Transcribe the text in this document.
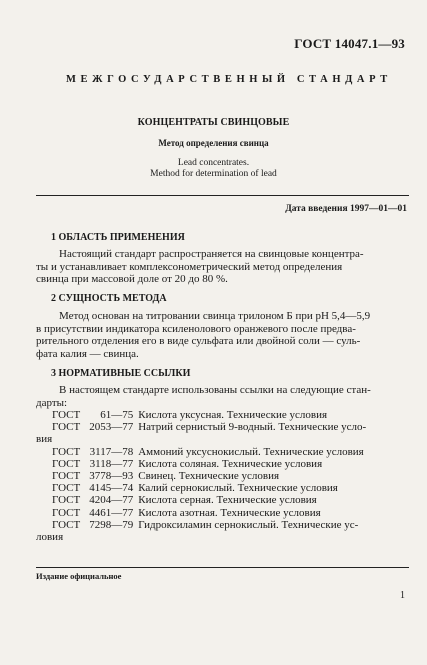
ГОСТ 14047.1—93
МЕЖГОСУДАРСТВЕННЫЙ СТАНДАРТ
КОНЦЕНТРАТЫ СВИНЦОВЫЕ
Метод определения свинца
Lead concentrates.
Method for determination of lead
Дата введения 1997—01—01
1 ОБЛАСТЬ ПРИМЕНЕНИЯ
Настоящий стандарт распространяется на свинцовые концентра-
ты и устанавливает комплексонометрический метод определения
свинца при массовой доле от 20 до 80 %.
2 СУЩНОСТЬ МЕТОДА
Метод основан на титровании свинца трилоном Б при pH 5,4—5,9
в присутствии индикатора ксиленолового оранжевого после предва-
рительного отделения его в виде сульфата или двойной соли — суль-
фата калия — свинца.
3 НОРМАТИВНЫЕ ССЫЛКИ
В настоящем стандарте использованы ссылки на следующие стан-
дарты:
ГОСТ 61—75 Кислота уксусная. Технические условия
ГОСТ 2053—77 Натрий сернистый 9-водный. Технические усло-
вия
ГОСТ 3117—78 Аммоний уксуснокислый. Технические условия
ГОСТ 3118—77 Кислота соляная. Технические условия
ГОСТ 3778—93 Свинец. Технические условия
ГОСТ 4145—74 Калий сернокислый. Технические условия
ГОСТ 4204—77 Кислота серная. Технические условия
ГОСТ 4461—77 Кислота азотная. Технические условия
ГОСТ 7298—79 Гидроксиламин сернокислый. Технические ус-
ловия
Издание официальное
1
